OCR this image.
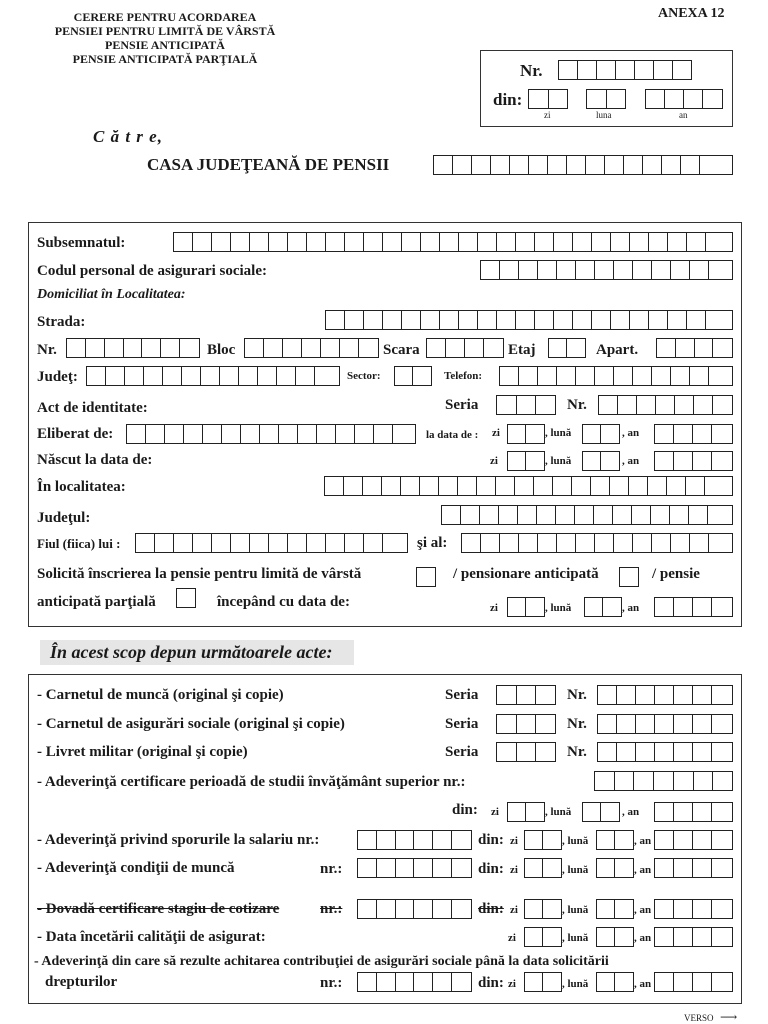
CERERE PENTRU ACORDAREA
PENSIEI PENTRU LIMITĂ DE VÂRSTĂ
PENSIE ANTICIPATĂ
PENSIE ANTICIPATĂ PARŢIALĂ
ANEXA 12
Nr.
din:
zi	luna	an
C ă t r e,
CASA JUDEŢEANĂ DE PENSII
Subsemnatul:
Codul personal de asigurari sociale:
Domiciliat în Localitatea:
Strada:
Nr.	Bloc	Scara	Etaj	Apart.
Judeţ:	Sector:	Telefon:
Act de identitate:	Seria	Nr.
Eliberat de:	la data de : zi	, lună	, an
Născut la data de:	zi	, lună	, an
În localitatea:
Judeţul:
Fiul (fiica) lui :	şi al:
Solicită înscrierea la pensie pentru limită de vârstă	/ pensionare anticipată	/ pensie
anticipată parţială	începând cu data de:	zi	, lună	, an
În acest scop depun următoarele acte:
- Carnetul de muncă (original şi copie)	Seria	Nr.
- Carnetul de asigurări sociale (original şi copie)	Seria	Nr.
- Livret militar (original şi copie)	Seria	Nr.
- Adeverinţă certificare perioadă de studii învăţământ superior nr.:
din: zi	, lună	, an
- Adeverinţă privind sporurile la salariu nr.:	din: zi	, lună	, an
- Adeverinţă condiţii de muncă	nr.:	din: zi	, lună	, an
- Dovadă certificare stagiu de cotizare	nr.:	din: zi	, lună	, an
- Data încetării calităţii de asigurat:	zi	, lună	, an
- Adeverinţă din care să rezulte achitarea contribuţiei de asigurări sociale până la data solicitării
drepturilor	nr.:	din: zi	, lună	, an
VERSO ⟶
